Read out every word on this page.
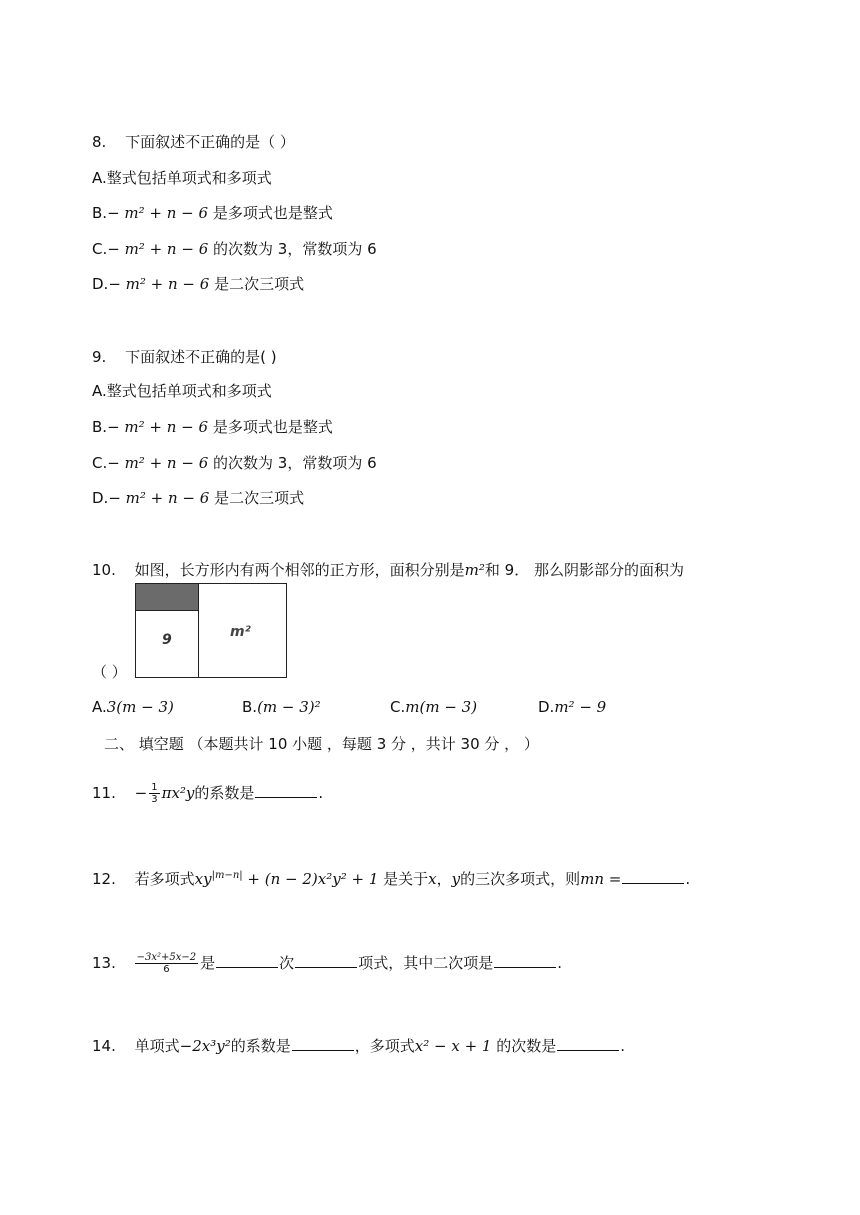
8. 下面叙述不正确的是（ ）
A.整式包括单项式和多项式
B.− m² + n − 6 是多项式也是整式
C.− m² + n − 6 的次数为 3，常数项为 6
D.− m² + n − 6 是二次三项式
9. 下面叙述不正确的是( )
A.整式包括单项式和多项式
B.− m² + n − 6 是多项式也是整式
C.− m² + n − 6 的次数为 3，常数项为 6
D.− m² + n − 6 是二次三项式
10. 如图，长方形内有两个相邻的正方形，面积分别是m²和 9． 那么阴影部分的面积为
9	m²
（ ）
A.3(m − 3)	B.(m − 3)²	C.m(m − 3)	D.m² − 9
二、 填空题 （本题共计 10 小题 ，每题 3 分 ，共计 30 分 ， ）
11. − $\frac{1}{3} \pi x^2y$的系数是	.
12. 若多项式$xy^{|m-n|} + (n - 2)x^2y^2 + 1$ 是关于x，y的三次多项式，则mn =	.
13. $\frac{\text{−3x²+5x−2}}{6}$ 是	次	项式，其中二次项是	.
14. 单项式−2x³y²的系数是	，多项式x² − x + 1 的次数是	.
